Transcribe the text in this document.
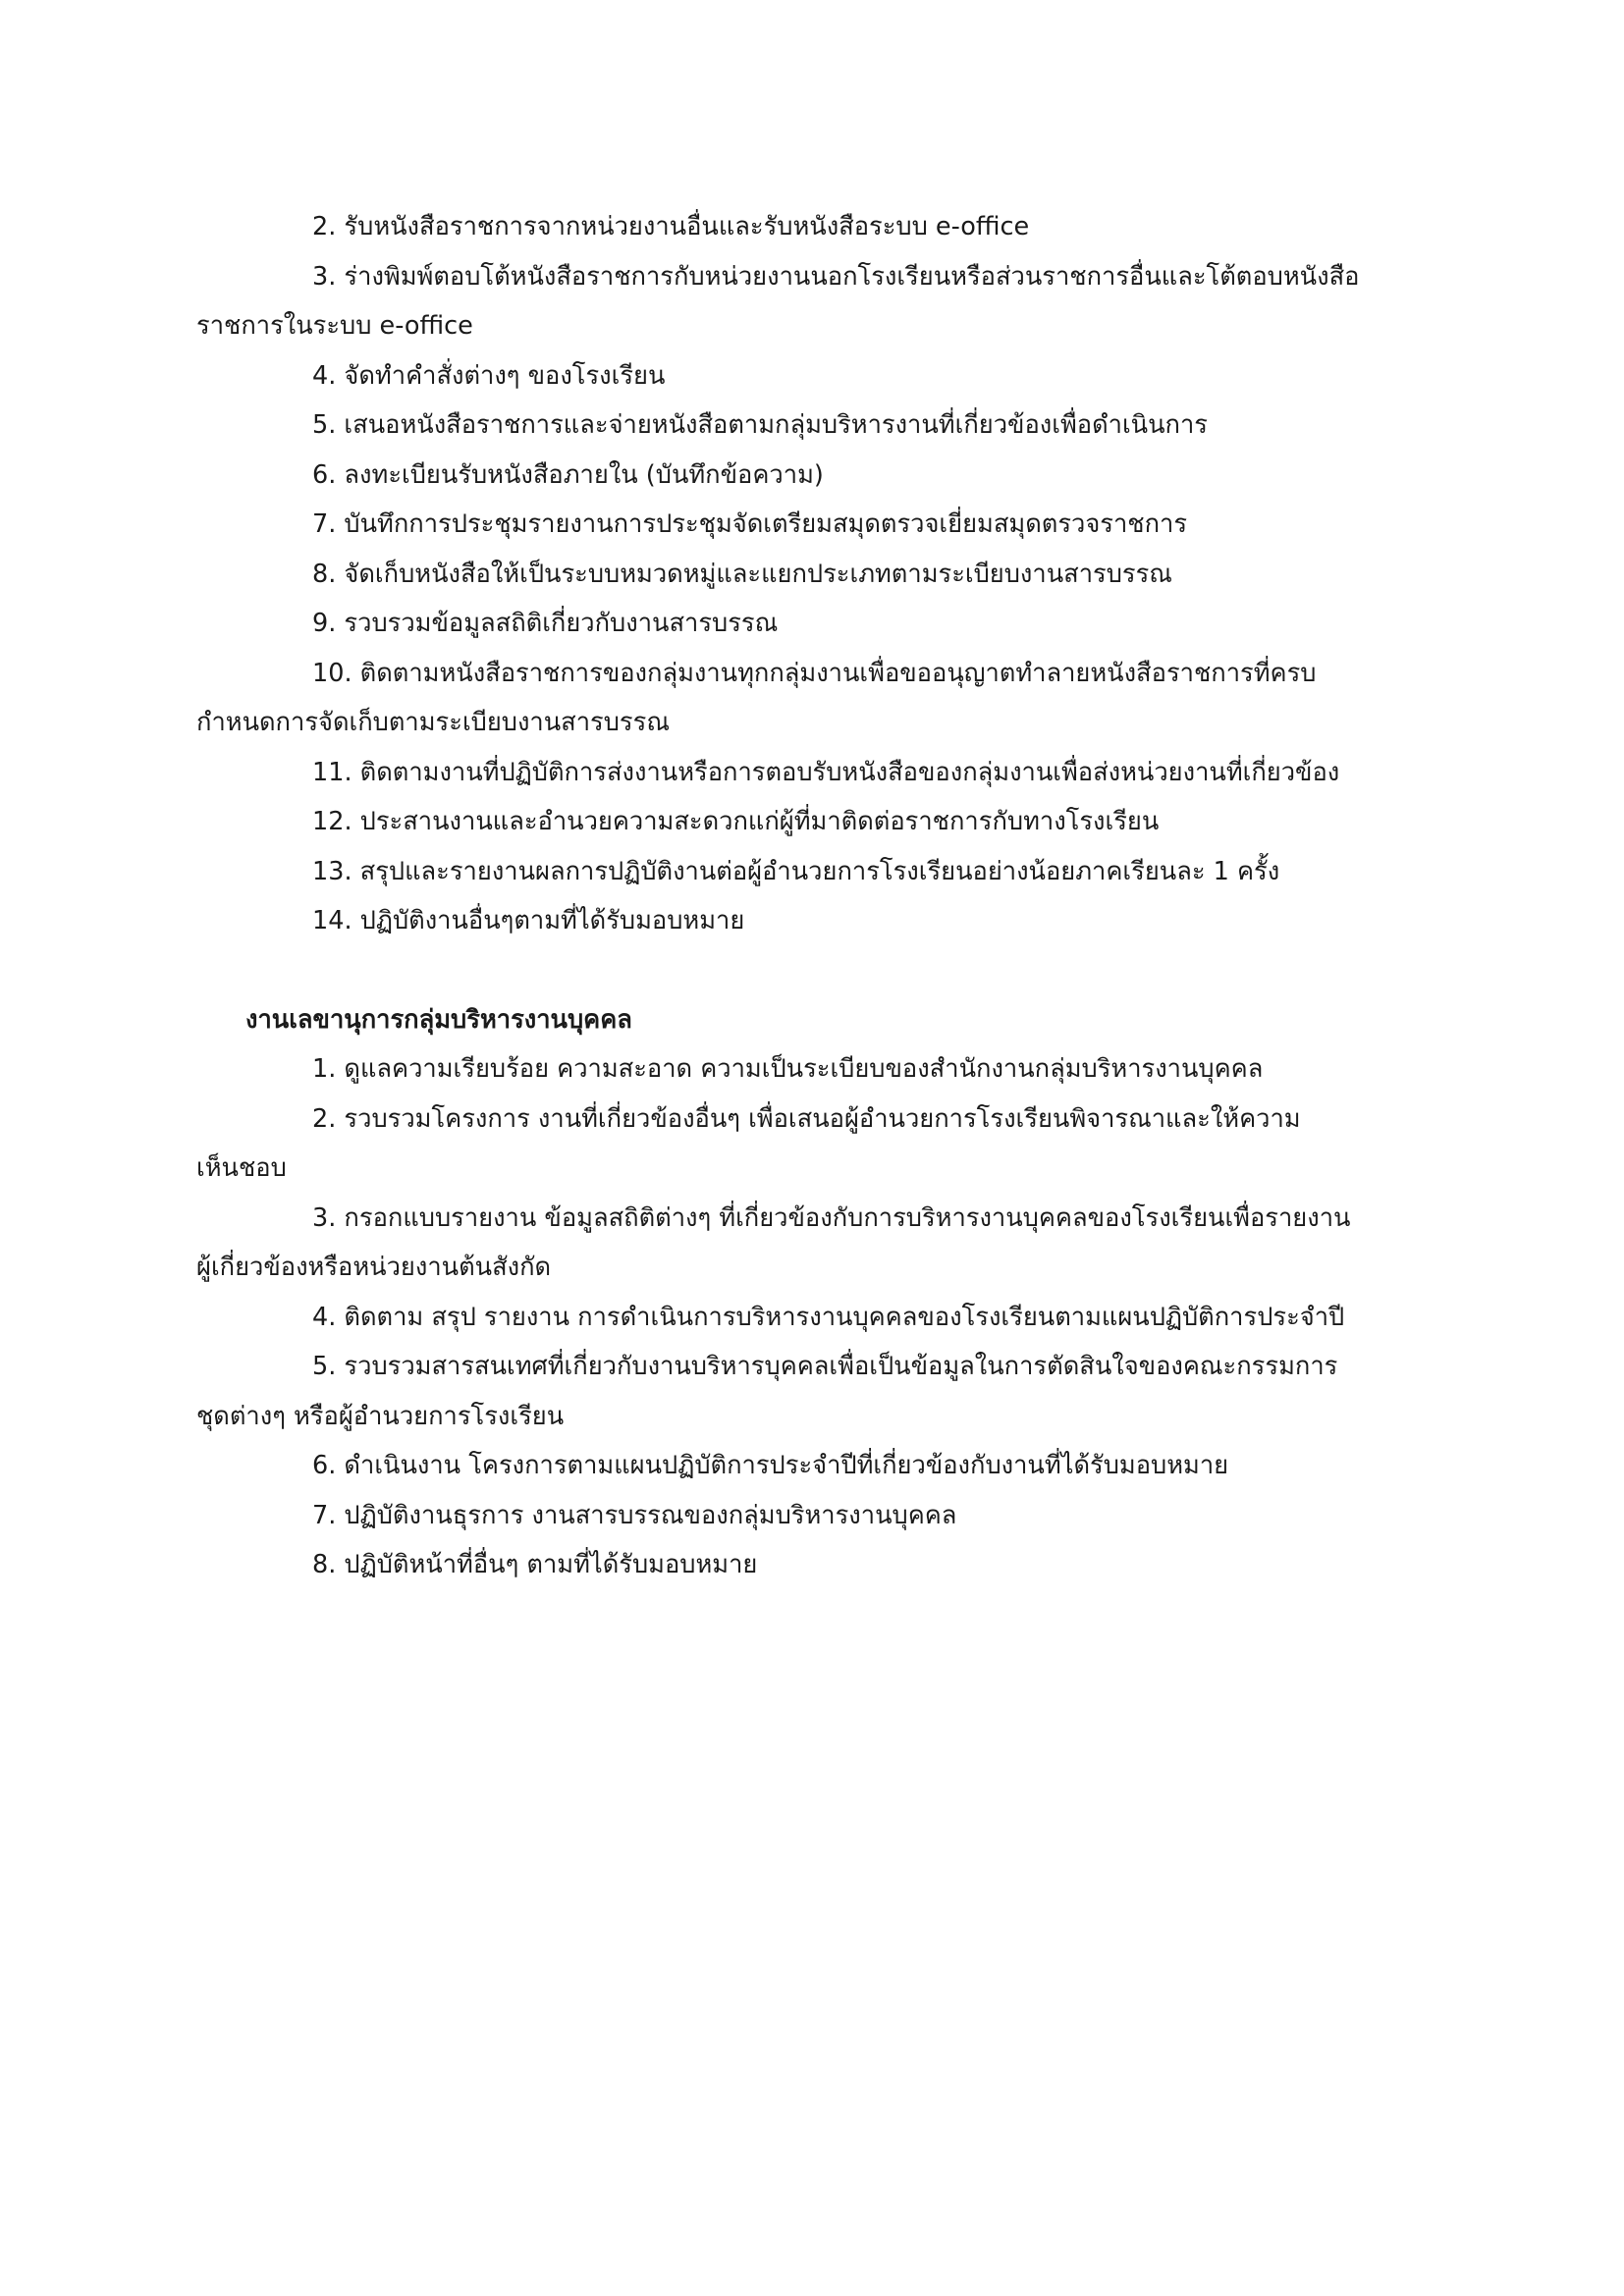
2. รับหนังสือราชการจากหน่วยงานอื่นและรับหนังสือระบบ e-office
3. ร่างพิมพ์ตอบโต้หนังสือราชการกับหน่วยงานนอกโรงเรียนหรือส่วนราชการอื่นและโต้ตอบหนังสือ
ราชการในระบบ e-office
4. จัดทำคำสั่งต่างๆ ของโรงเรียน
5. เสนอหนังสือราชการและจ่ายหนังสือตามกลุ่มบริหารงานที่เกี่ยวข้องเพื่อดำเนินการ
6. ลงทะเบียนรับหนังสือภายใน (บันทึกข้อความ)
7. บันทึกการประชุมรายงานการประชุมจัดเตรียมสมุดตรวจเยี่ยมสมุดตรวจราชการ
8. จัดเก็บหนังสือให้เป็นระบบหมวดหมู่และแยกประเภทตามระเบียบงานสารบรรณ
9. รวบรวมข้อมูลสถิติเกี่ยวกับงานสารบรรณ
10. ติดตามหนังสือราชการของกลุ่มงานทุกกลุ่มงานเพื่อขออนุญาตทำลายหนังสือราชการที่ครบ
กำหนดการจัดเก็บตามระเบียบงานสารบรรณ
11. ติดตามงานที่ปฏิบัติการส่งงานหรือการตอบรับหนังสือของกลุ่มงานเพื่อส่งหน่วยงานที่เกี่ยวข้อง
12. ประสานงานและอำนวยความสะดวกแก่ผู้ที่มาติดต่อราชการกับทางโรงเรียน
13. สรุปและรายงานผลการปฏิบัติงานต่อผู้อำนวยการโรงเรียนอย่างน้อยภาคเรียนละ 1 ครั้ง
14. ปฏิบัติงานอื่นๆตามที่ได้รับมอบหมาย
งานเลขานุการกลุ่มบริหารงานบุคคล
1. ดูแลความเรียบร้อย ความสะอาด ความเป็นระเบียบของสำนักงานกลุ่มบริหารงานบุคคล
2. รวบรวมโครงการ งานที่เกี่ยวข้องอื่นๆ เพื่อเสนอผู้อำนวยการโรงเรียนพิจารณาและให้ความ
เห็นชอบ
3. กรอกแบบรายงาน ข้อมูลสถิติต่างๆ ที่เกี่ยวข้องกับการบริหารงานบุคคลของโรงเรียนเพื่อรายงาน
ผู้เกี่ยวข้องหรือหน่วยงานต้นสังกัด
4. ติดตาม สรุป รายงาน การดำเนินการบริหารงานบุคคลของโรงเรียนตามแผนปฏิบัติการประจำปี
5. รวบรวมสารสนเทศที่เกี่ยวกับงานบริหารบุคคลเพื่อเป็นข้อมูลในการตัดสินใจของคณะกรรมการ
ชุดต่างๆ หรือผู้อำนวยการโรงเรียน
6. ดำเนินงาน โครงการตามแผนปฏิบัติการประจำปีที่เกี่ยวข้องกับงานที่ได้รับมอบหมาย
7. ปฏิบัติงานธุรการ งานสารบรรณของกลุ่มบริหารงานบุคคล
8. ปฏิบัติหน้าที่อื่นๆ ตามที่ได้รับมอบหมาย
